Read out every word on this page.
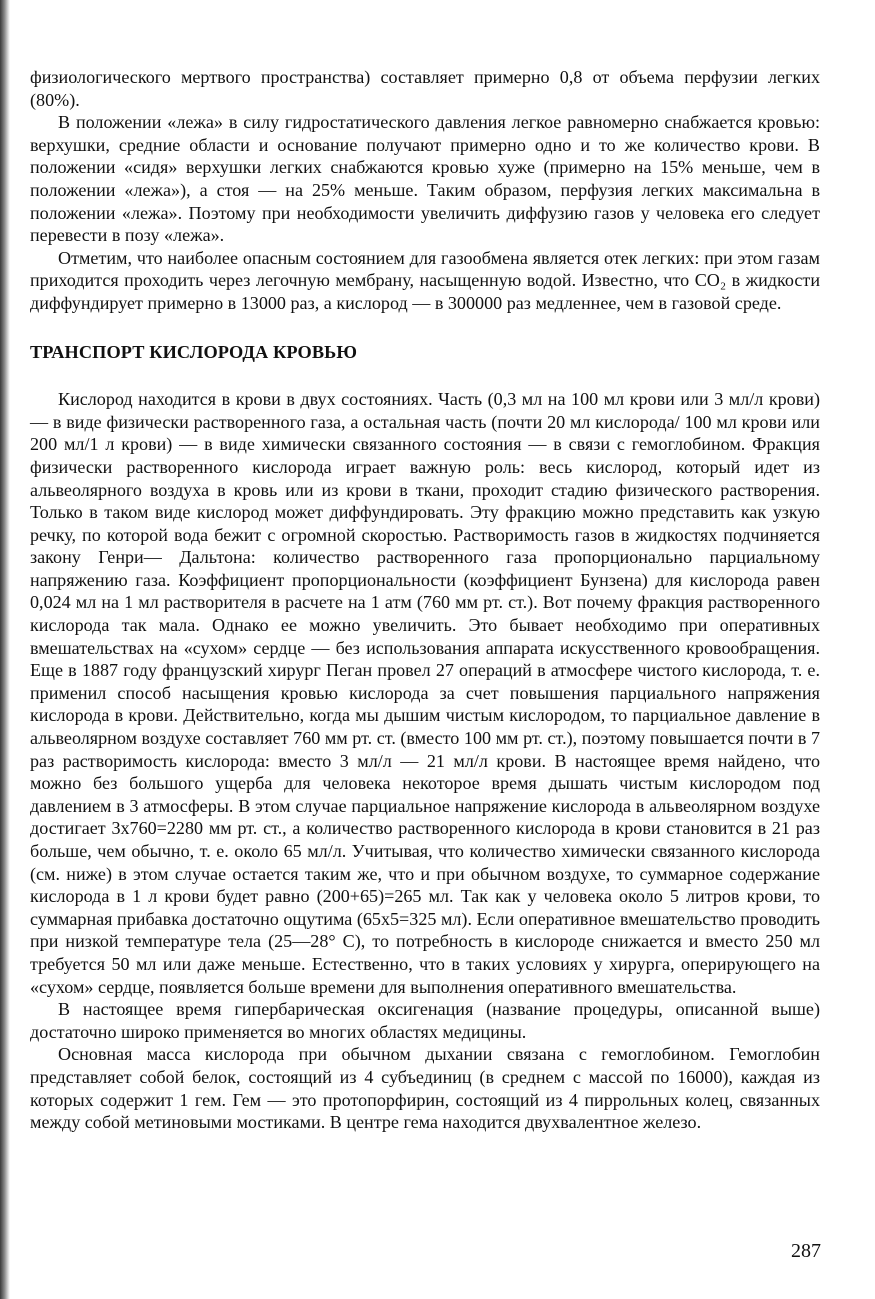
физиологического мертвого пространства) составляет примерно 0,8 от объема перфузии легких (80%).

В положении «лежа» в силу гидростатического давления легкое равномерно снабжается кровью: верхушки, средние области и основание получают примерно одно и то же количество крови. В положении «сидя» верхушки легких снабжаются кровью хуже (примерно на 15% меньше, чем в положении «лежа»), а стоя — на 25% меньше. Таким образом, перфузия легких максимальна в положении «лежа». Поэтому при необходимости увеличить диффузию газов у человека его следует перевести в позу «лежа».

Отметим, что наиболее опасным состоянием для газообмена является отек легких: при этом газам приходится проходить через легочную мембрану, насыщенную водой. Известно, что CO₂ в жидкости диффундирует примерно в 13000 раз, а кислород — в 300000 раз медленнее, чем в газовой среде.

ТРАНСПОРТ КИСЛОРОДА КРОВЬЮ

Кислород находится в крови в двух состояниях. Часть (0,3 мл на 100 мл крови или 3 мл/л крови) — в виде физически растворенного газа, а остальная часть (почти 20 мл кислорода/ 100 мл крови или 200 мл/1 л крови) — в виде химически связанного состояния — в связи с гемоглобином. Фракция физически растворенного кислорода играет важную роль: весь кислород, который идет из альвеолярного воздуха в кровь или из крови в ткани, проходит стадию физического растворения. Только в таком виде кислород может диффундировать. Эту фракцию можно представить как узкую речку, по которой вода бежит с огромной скоростью. Растворимость газов в жидкостях подчиняется закону Генри— Дальтона: количество растворенного газа пропорционально парциальному напряжению газа. Коэффициент пропорциональности (коэффициент Бунзена) для кислорода равен 0,024 мл на 1 мл растворителя в расчете на 1 атм (760 мм рт. ст.). Вот почему фракция растворенного кислорода так мала. Однако ее можно увеличить. Это бывает необходимо при оперативных вмешательствах на «сухом» сердце — без использования аппарата искусственного кровообращения. Еще в 1887 году французский хирург Пеган провел 27 операций в атмосфере чистого кислорода, т. е. применил способ насыщения кровью кислорода за счет повышения парциального напряжения кислорода в крови. Действительно, когда мы дышим чистым кислородом, то парциальное давление в альвеолярном воздухе составляет 760 мм рт. ст. (вместо 100 мм рт. ст.), поэтому повышается почти в 7 раз растворимость кислорода: вместо 3 мл/л — 21 мл/л крови. В настоящее время найдено, что можно без большого ущерба для человека некоторое время дышать чистым кислородом под давлением в 3 атмосферы. В этом случае парциальное напряжение кислорода в альвеолярном воздухе достигает 3x760=2280 мм рт. ст., а количество растворенного кислорода в крови становится в 21 раз больше, чем обычно, т. е. около 65 мл/л. Учитывая, что количество химически связанного кислорода (см. ниже) в этом случае остается таким же, что и при обычном воздухе, то суммарное содержание кислорода в 1 л крови будет равно (200+65)=265 мл. Так как у человека около 5 литров крови, то суммарная прибавка достаточно ощутима (65x5=325 мл). Если оперативное вмешательство проводить при низкой температуре тела (25—28° С), то потребность в кислороде снижается и вместо 250 мл требуется 50 мл или даже меньше. Естественно, что в таких условиях у хирурга, оперирующего на «сухом» сердце, появляется больше времени для выполнения оперативного вмешательства.

В настоящее время гипербарическая оксигенация (название процедуры, описанной выше) достаточно широко применяется во многих областях медицины.

Основная масса кислорода при обычном дыхании связана с гемоглобином. Гемоглобин представляет собой белок, состоящий из 4 субъединиц (в среднем с массой по 16000), каждая из которых содержит 1 гем. Гем — это протопорфирин, состоящий из 4 пиррольных колец, связанных между собой метиновыми мостиками. В центре гема находится двухвалентное железо.

287
